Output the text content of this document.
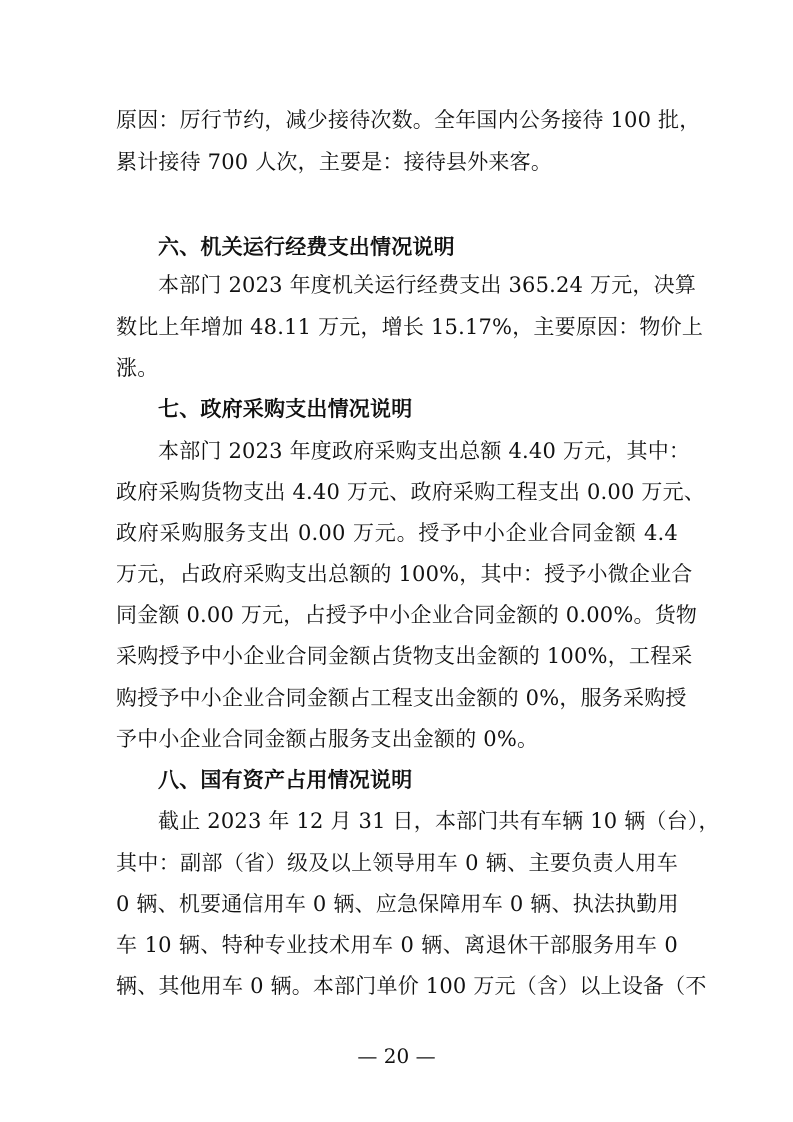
原因：厉行节约，减少接待次数。全年国内公务接待 100 批，
累计接待 700 人次，主要是：接待县外来客。
六、机关运行经费支出情况说明
本部门 2023 年度机关运行经费支出 365.24 万元，决算
数比上年增加 48.11 万元，增长 15.17%，主要原因：物价上
涨。
七、政府采购支出情况说明
本部门 2023 年度政府采购支出总额 4.40 万元，其中：
政府采购货物支出 4.40 万元、政府采购工程支出 0.00 万元、
政府采购服务支出 0.00 万元。授予中小企业合同金额 4.4
万元，占政府采购支出总额的 100%，其中：授予小微企业合
同金额 0.00 万元，占授予中小企业合同金额的 0.00%。货物
采购授予中小企业合同金额占货物支出金额的 100%，工程采
购授予中小企业合同金额占工程支出金额的 0%，服务采购授
予中小企业合同金额占服务支出金额的 0%。
八、国有资产占用情况说明
截止 2023 年 12 月 31 日，本部门共有车辆 10 辆（台），
其中：副部（省）级及以上领导用车 0 辆、主要负责人用车
0 辆、机要通信用车 0 辆、应急保障用车 0 辆、执法执勤用
车 10 辆、特种专业技术用车 0 辆、离退休干部服务用车 0
辆、其他用车 0 辆。本部门单价 100 万元（含）以上设备（不
— 20 —
